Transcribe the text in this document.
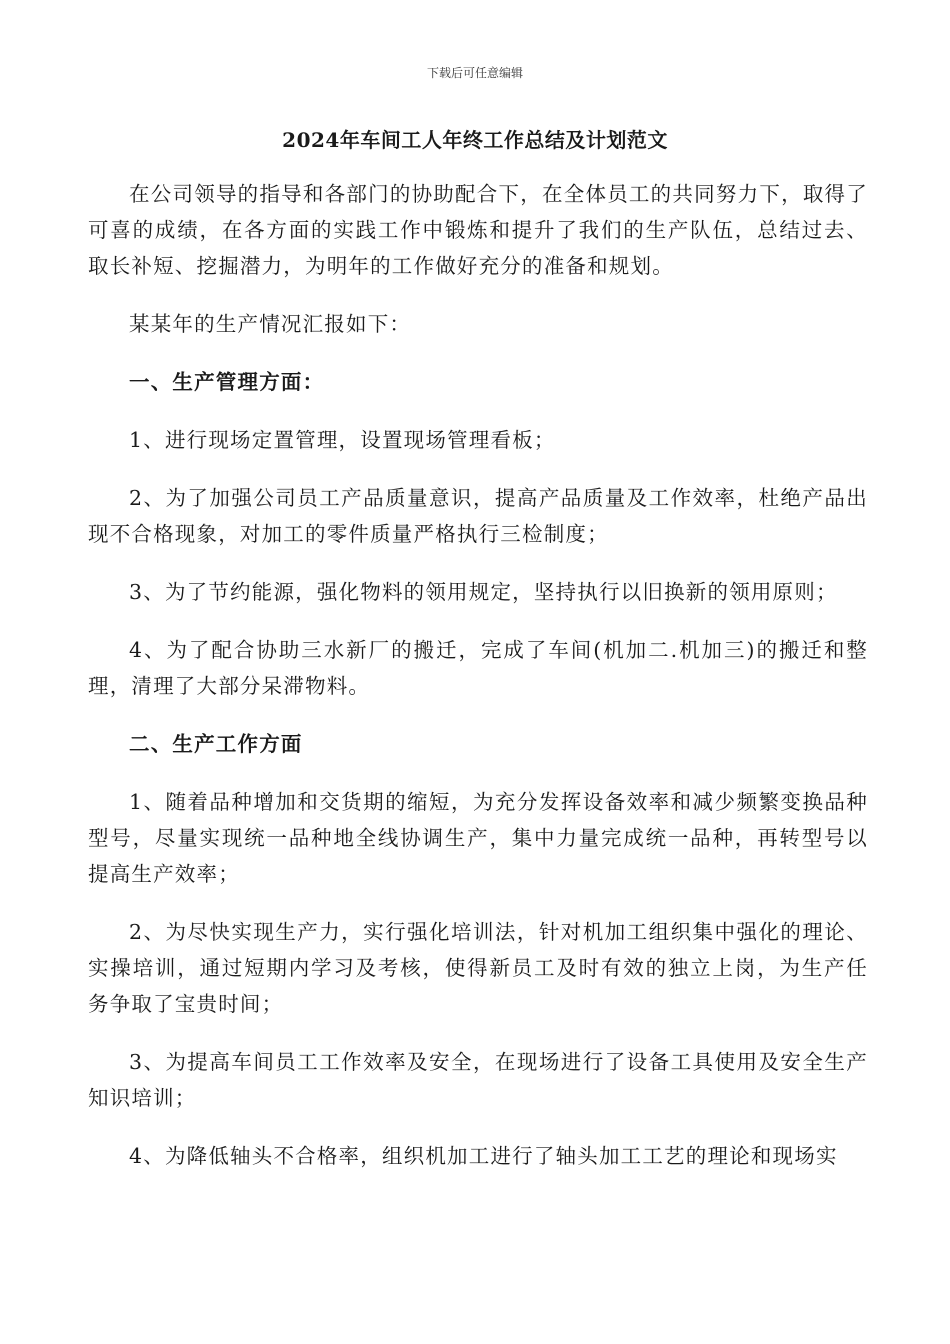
下载后可任意编辑
2024年车间工人年终工作总结及计划范文

在公司领导的指导和各部门的协助配合下，在全体员工的共同努力下，取得了可喜的成绩，在各方面的实践工作中锻炼和提升了我们的生产队伍，总结过去、取长补短、挖掘潜力，为明年的工作做好充分的准备和规划。

某某年的生产情况汇报如下：

一、生产管理方面：

1、进行现场定置管理，设置现场管理看板；

2、为了加强公司员工产品质量意识，提高产品质量及工作效率，杜绝产品出现不合格现象，对加工的零件质量严格执行三检制度；

3、为了节约能源，强化物料的领用规定，坚持执行以旧换新的领用原则；

4、为了配合协助三水新厂的搬迁，完成了车间(机加二.机加三)的搬迁和整理，清理了大部分呆滞物料。

二、生产工作方面

1、随着品种增加和交货期的缩短，为充分发挥设备效率和减少频繁变换品种型号，尽量实现统一品种地全线协调生产，集中力量完成统一品种，再转型号以提高生产效率；

2、为尽快实现生产力，实行强化培训法，针对机加工组织集中强化的理论、实操培训，通过短期内学习及考核，使得新员工及时有效的独立上岗，为生产任务争取了宝贵时间；

3、为提高车间员工工作效率及安全，在现场进行了设备工具使用及安全生产知识培训；

4、为降低轴头不合格率，组织机加工进行了轴头加工工艺的理论和现场实
